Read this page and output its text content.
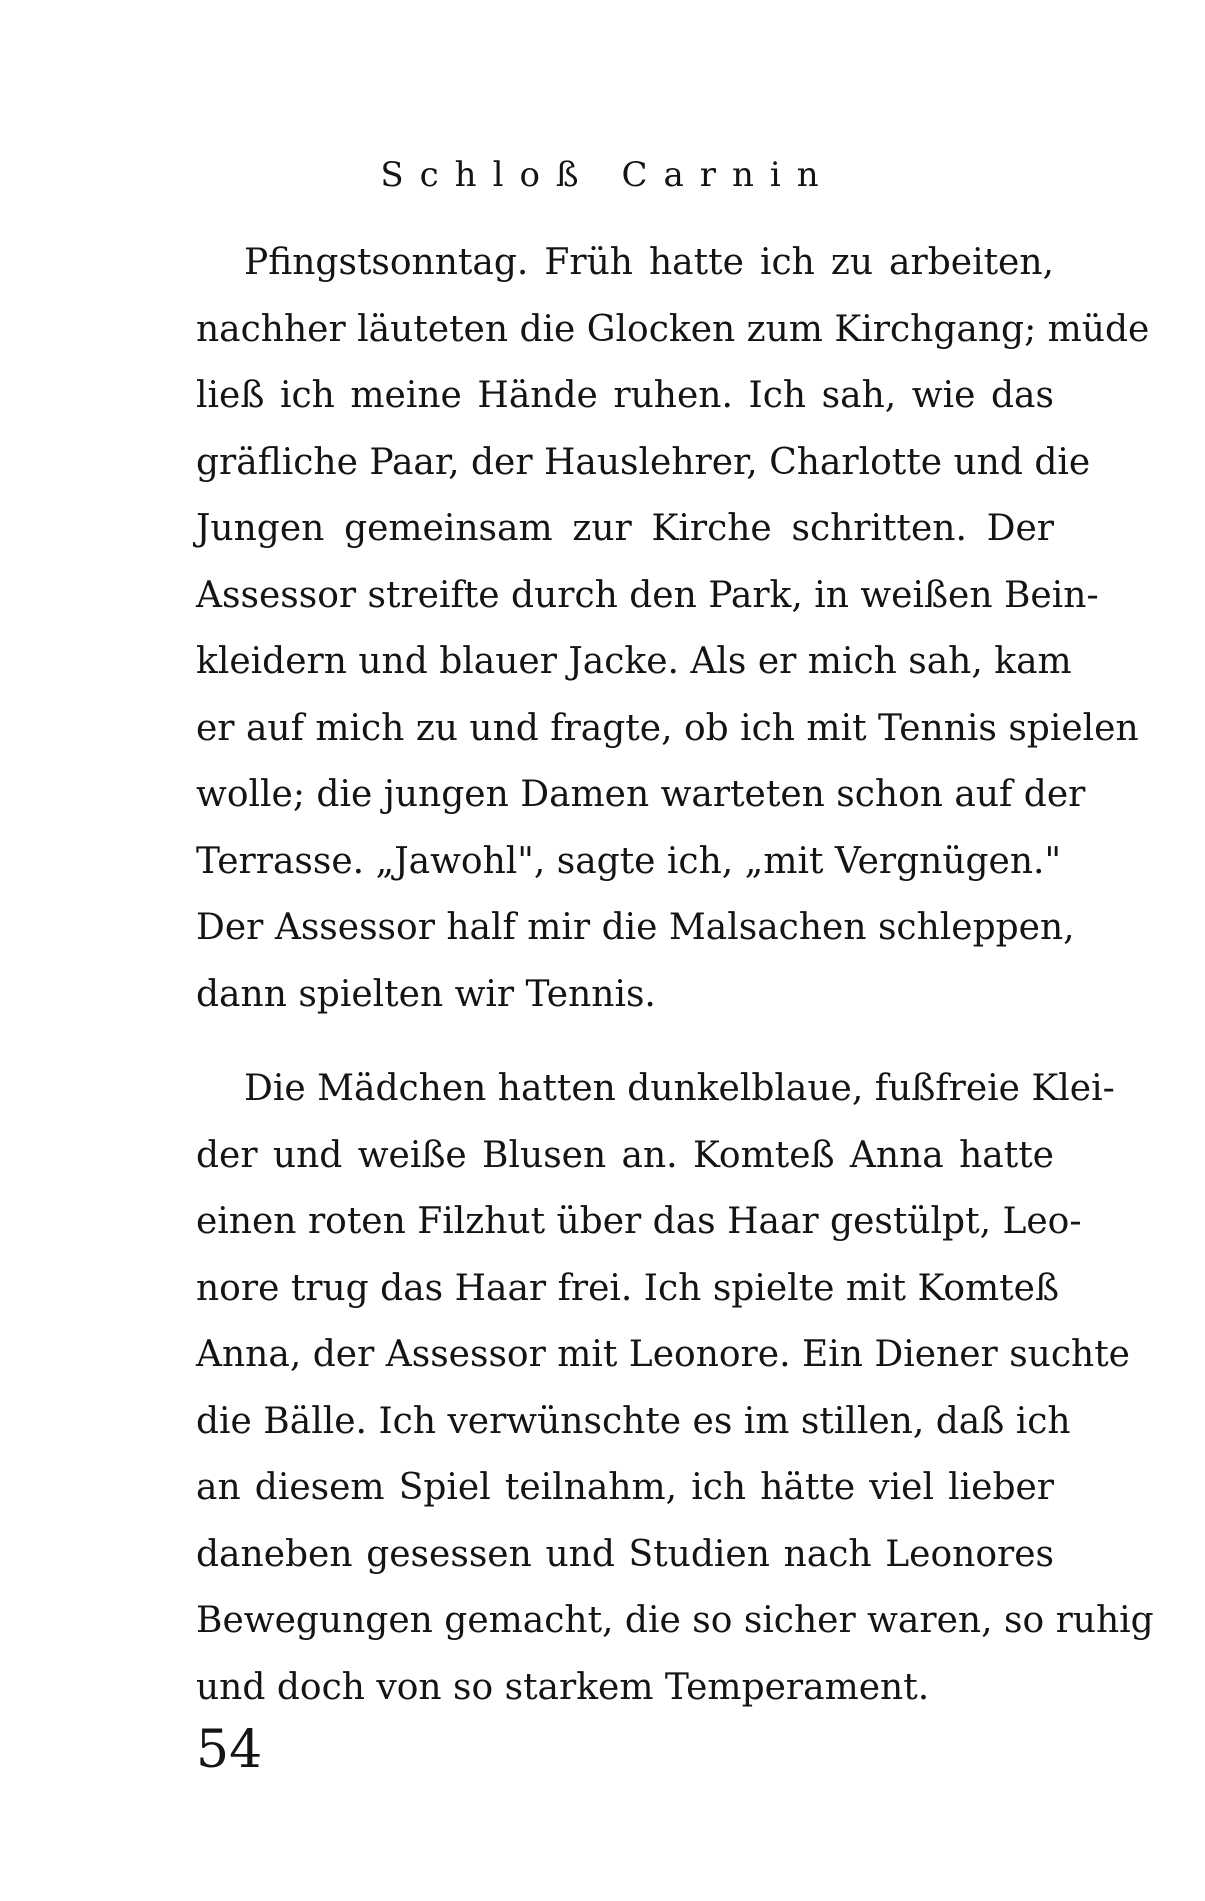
Schloß Carnin

Pfingstsonntag. Früh hatte ich zu arbeiten,
nachher läuteten die Glocken zum Kirchgang; müde
ließ ich meine Hände ruhen. Ich sah, wie das
gräfliche Paar, der Hauslehrer, Charlotte und die
Jungen gemeinsam zur Kirche schritten. Der
Assessor streifte durch den Park, in weißen Bein-
kleidern und blauer Jacke. Als er mich sah, kam
er auf mich zu und fragte, ob ich mit Tennis spielen
wolle; die jungen Damen warteten schon auf der
Terrasse. „Jawohl", sagte ich, „mit Vergnügen."
Der Assessor half mir die Malsachen schleppen,
dann spielten wir Tennis.

Die Mädchen hatten dunkelblaue, fußfreie Klei-
der und weiße Blusen an. Komteß Anna hatte
einen roten Filzhut über das Haar gestülpt, Leo-
nore trug das Haar frei. Ich spielte mit Komteß
Anna, der Assessor mit Leonore. Ein Diener suchte
die Bälle. Ich verwünschte es im stillen, daß ich
an diesem Spiel teilnahm, ich hätte viel lieber
daneben gesessen und Studien nach Leonores
Bewegungen gemacht, die so sicher waren, so ruhig
und doch von so starkem Temperament.

54
